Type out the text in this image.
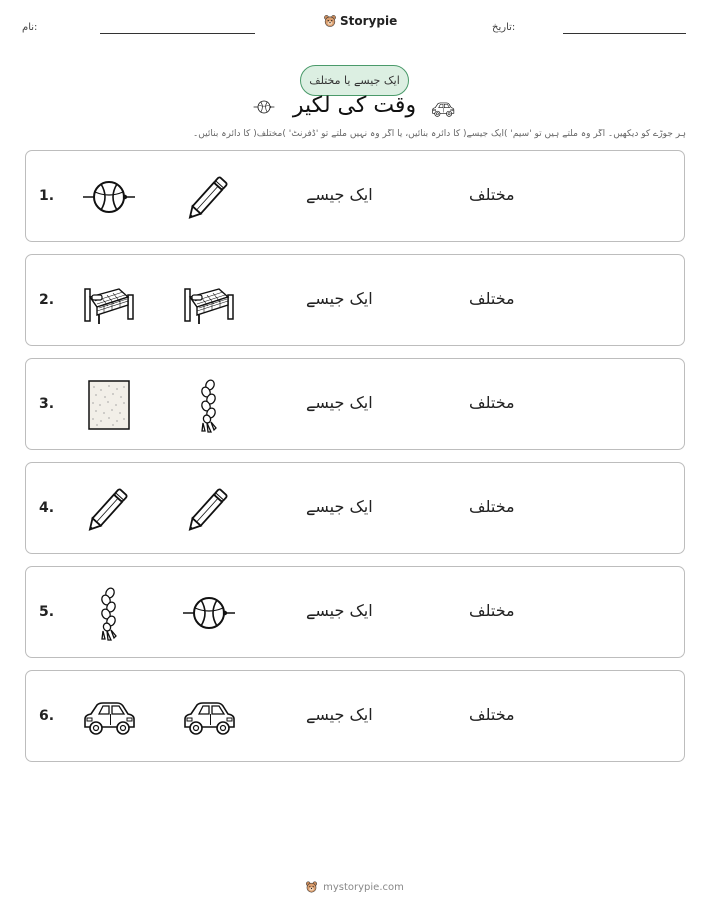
نام:	Storypie	تاریخ:
ایک جیسے یا مختلف
وقت کی لکیر
ہر جوڑے کو دیکھیں۔ اگر وہ ملتے ہیں تو 'سیم' )ایک جیسے( کا دائرہ بنائیں، یا اگر وہ نہیں ملتے تو 'ڈفرنٹ' )مختلف( کا دائرہ بنائیں۔
1.	ایک جیسے	مختلف
2.	ایک جیسے	مختلف
3.	ایک جیسے	مختلف
4.	ایک جیسے	مختلف
5.	ایک جیسے	مختلف
6.	ایک جیسے	مختلف
mystorypie.com
